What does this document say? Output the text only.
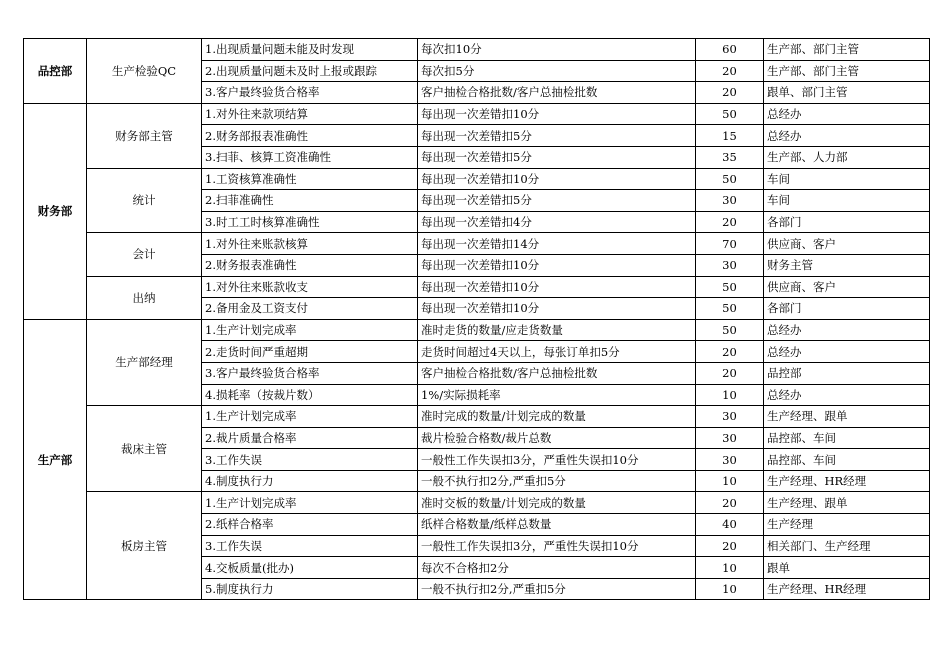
品控部	生产检验QC	1.出现质量问题未能及时发现	每次扣10分	60	生产部、部门主管
		2.出现质量问题未及时上报或跟踪	每次扣5分	20	生产部、部门主管
		3.客户最终验货合格率	客户抽检合格批数/客户总抽检批数	20	跟单、部门主管
财务部	财务部主管	1.对外往来款项结算	每出现一次差错扣10分	50	总经办
		2.财务部报表准确性	每出现一次差错扣5分	15	总经办
		3.扫菲、核算工资准确性	每出现一次差错扣5分	35	生产部、人力部
	统计	1.工资核算准确性	每出现一次差错扣10分	50	车间
		2.扫菲准确性	每出现一次差错扣5分	30	车间
		3.时工工时核算准确性	每出现一次差错扣4分	20	各部门
	会计	1.对外往来账款核算	每出现一次差错扣14分	70	供应商、客户
		2.财务报表准确性	每出现一次差错扣10分	30	财务主管
	出纳	1.对外往来账款收支	每出现一次差错扣10分	50	供应商、客户
		2.备用金及工资支付	每出现一次差错扣10分	50	各部门
生产部	生产部经理	1.生产计划完成率	准时走货的数量/应走货数量	50	总经办
		2.走货时间严重超期	走货时间超过4天以上，每张订单扣5分	20	总经办
		3.客户最终验货合格率	客户抽检合格批数/客户总抽检批数	20	品控部
		4.损耗率（按裁片数）	1%/实际损耗率	10	总经办
	裁床主管	1.生产计划完成率	准时完成的数量/计划完成的数量	30	生产经理、跟单
		2.裁片质量合格率	裁片检验合格数/裁片总数	30	品控部、车间
		3.工作失误	一般性工作失误扣3分，严重性失误扣10分	30	品控部、车间
		4.制度执行力	一般不执行扣2分,严重扣5分	10	生产经理、HR经理
	板房主管	1.生产计划完成率	准时交板的数量/计划完成的数量	20	生产经理、跟单
		2.纸样合格率	纸样合格数量/纸样总数量	40	生产经理
		3.工作失误	一般性工作失误扣3分，严重性失误扣10分	20	相关部门、生产经理
		4.交板质量(批办)	每次不合格扣2分	10	跟单
		5.制度执行力	一般不执行扣2分,严重扣5分	10	生产经理、HR经理
